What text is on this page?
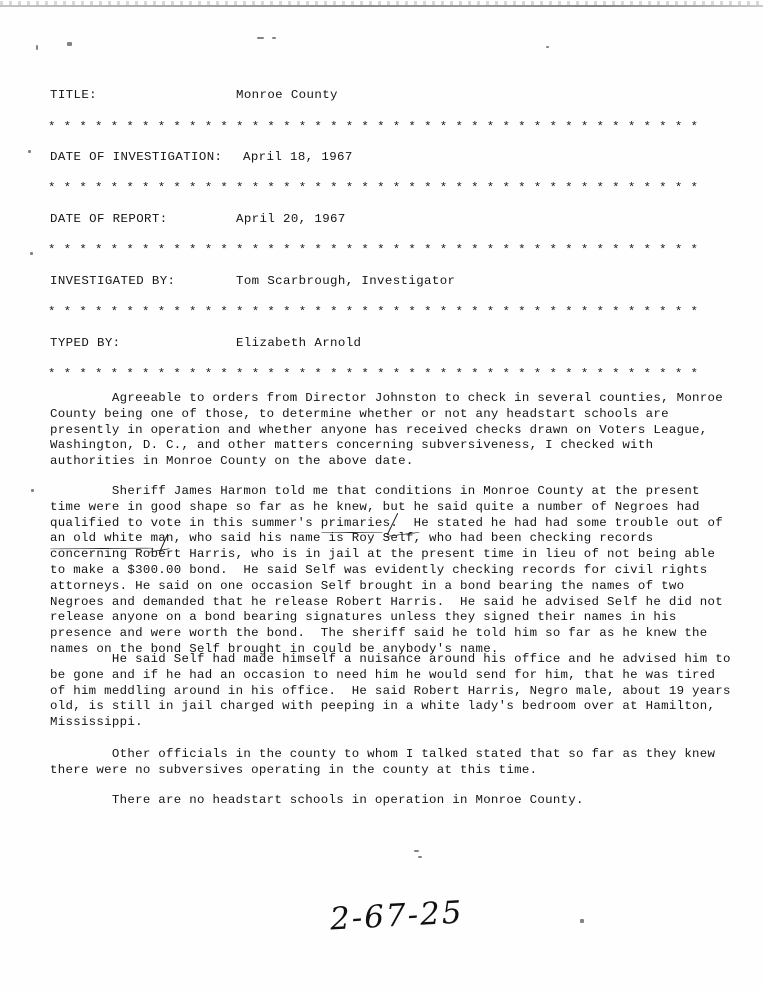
TITLE:	Monroe County
* * * * * * * * * * * * * * * * * * * * * * * * * * * * * * * * * * * * * * * * * *
DATE OF INVESTIGATION: April 18, 1967
* * * * * * * * * * * * * * * * * * * * * * * * * * * * * * * * * * * * * * * * * *
DATE OF REPORT:	April 20, 1967
* * * * * * * * * * * * * * * * * * * * * * * * * * * * * * * * * * * * * * * * * *
INVESTIGATED BY:	Tom Scarbrough, Investigator
* * * * * * * * * * * * * * * * * * * * * * * * * * * * * * * * * * * * * * * * * *
TYPED BY:	Elizabeth Arnold
* * * * * * * * * * * * * * * * * * * * * * * * * * * * * * * * * * * * * * * * * *
Agreeable to orders from Director Johnston to check in several counties, Monroe County being one of those, to determine whether or not any headstart schools are presently in operation and whether anyone has received checks drawn on Voters League, Washington, D. C., and other matters concerning subversiveness, I checked with authorities in Monroe County on the above date.
Sheriff James Harmon told me that conditions in Monroe County at the present time were in good shape so far as he knew, but he said quite a number of Negroes had qualified to vote in this summer's primaries.  He stated he had had some trouble out of an old white man, who said his name is Roy Self, who had been checking records concerning Robert Harris, who is in jail at the present time in lieu of not being able to make a $300.00 bond.  He said Self was evidently checking records for civil rights attorneys. He said on one occasion Self brought in a bond bearing the names of two Negroes and demanded that he release Robert Harris.  He said he advised Self he did not release anyone on a bond bearing signatures unless they signed their names in his presence and were worth the bond.  The sheriff said he told him so far as he knew the names on the bond Self brought in could be anybody's name.
He said Self had made himself a nuisance around his office and he advised him to be gone and if he had an occasion to need him he would send for him, that he was tired of him meddling around in his office.  He said Robert Harris, Negro male, about 19 years old, is still in jail charged with peeping in a white lady's bedroom over at Hamilton, Mississippi.
Other officials in the county to whom I talked stated that so far as they knew there were no subversives operating in the county at this time.
There are no headstart schools in operation in Monroe County.
2-67-25
